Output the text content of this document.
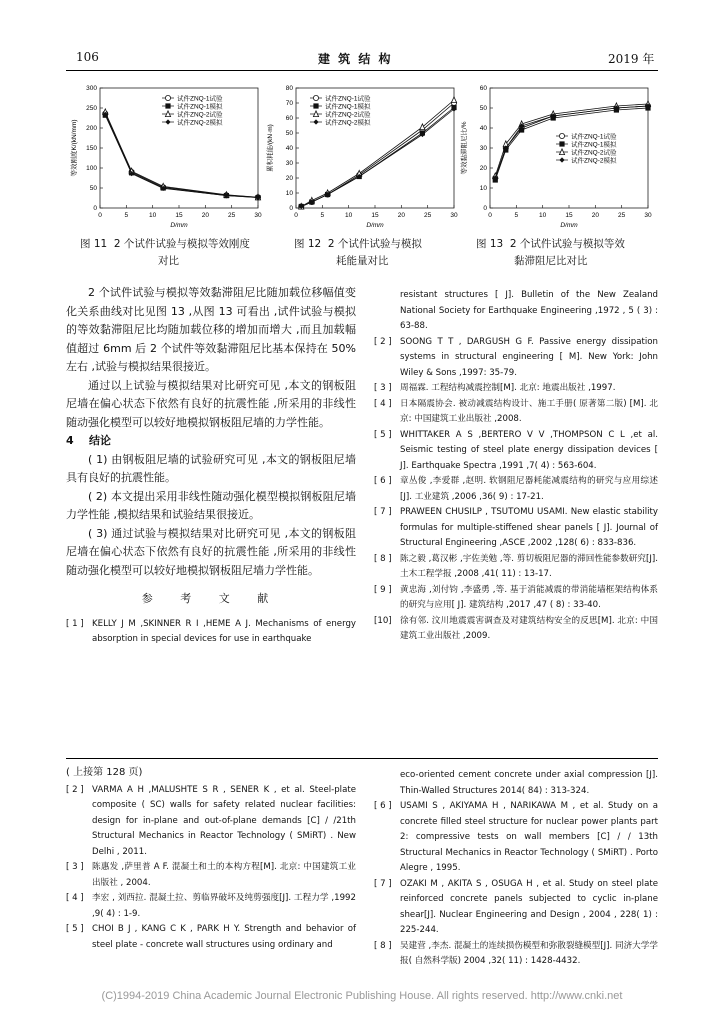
106	建 筑 结 构	2019 年
0	5	10	15	20	25	30
0
50
100
150
200
250
300
D/mm
等效刚度K/(kN/mm)
试件ZNQ-1试验
试件ZNQ-1模拟
试件ZNQ-2试验
试件ZNQ-2模拟
0	5	10	15	20	25	30
0
10
20
30
40
50
60
70
80
D/mm
累积耗能/(kN·m)
试件ZNQ-1试验
试件ZNQ-1模拟
试件ZNQ-2试验
试件ZNQ-2模拟
0	5	10	15	20	25	30
0
10
20
30
40
50
60
D/mm
等效黏滞阻尼比/%	试件ZNQ-1试验
试件ZNQ-1模拟
试件ZNQ-2试验
试件ZNQ-2模拟
图 11 2 个试件试验与模拟等效刚度
对比
图 12 2 个试件试验与模拟
耗能量对比
图 13 2 个试件试验与模拟等效
黏滞阻尼比对比

2 个试件试验与模拟等效黏滞阻尼比随加载位移幅值变化关系曲线对比见图 13 ,从图 13 可看出 ,试件试验与模拟的等效黏滞阻尼比均随加载位移的增加而增大 ,而且加载幅值超过 6mm 后 2 个试件等效黏滞阻尼比基本保持在 50% 左右 ,试验与模拟结果很接近。

通过以上试验与模拟结果对比研究可见 ,本文的钢板阻尼墙在偏心状态下依然有良好的抗震性能 ,所采用的非线性随动强化模型可以较好地模拟钢板阻尼墙的力学性能。

4 结论

( 1) 由钢板阻尼墙的试验研究可见 ,本文的钢板阻尼墙具有良好的抗震性能。

( 2) 本文提出采用非线性随动强化模型模拟钢板阻尼墙力学性能 ,模拟结果和试验结果很接近。

( 3) 通过试验与模拟结果对比研究可见 ,本文的钢板阻尼墙在偏心状态下依然有良好的抗震性能 ,所采用的非线性随动强化模型可以较好地模拟钢板阻尼墙力学性能。

参 考 文 献
[ 1 ] KELLY J M ,SKINNER R I ,HEME A J. Mechanisms of energy absorption in special devices for use in earthquake
resistant structures [ J]. Bulletin of the New Zealand National Society for Earthquake Engineering ,1972 , 5 ( 3) : 63-88.
[ 2 ] SOONG T T , DARGUSH G F. Passive energy dissipation systems in structural engineering [ M]. New York: John Wiley & Sons ,1997: 35-79.
[ 3 ] 周福霖. 工程结构减震控制[M]. 北京: 地震出版社 ,1997.
[ 4 ] 日本隔震协会. 被动减震结构设计、施工手册( 原著第二版) [M]. 北京: 中国建筑工业出版社 ,2008.
[ 5 ] WHITTAKER A S ,BERTERO V V ,THOMPSON C L ,et al. Seismic testing of steel plate energy dissipation devices [ J]. Earthquake Spectra ,1991 ,7( 4) : 563-604.
[ 6 ] 章丛俊 ,李爱群 ,赵明. 软钢阻尼器耗能减震结构的研究与应用综述[J]. 工业建筑 ,2006 ,36( 9) : 17-21.
[ 7 ] PRAWEEN CHUSILP , TSUTOMU USAMI. New elastic stability formulas for multiple-stiffened shear panels [ J]. Journal of Structural Engineering ,ASCE ,2002 ,128( 6) : 833-836.
[ 8 ] 陈之毅 ,葛汉彬 ,宇佐美勉 ,等. 剪切板阻尼器的滞回性能参数研究[J]. 土木工程学报 ,2008 ,41( 11) : 13-17.
[ 9 ] 黄忠海 ,刘付钧 ,李盛勇 ,等. 基于消能减震的带消能墙框架结构体系的研究与应用[ J]. 建筑结构 ,2017 ,47 ( 8) : 33-40.
[10] 徐有邻. 汶川地震震害调查及对建筑结构安全的反思[M]. 北京: 中国建筑工业出版社 ,2009.
( 上接第 128 页)
[ 2 ] VARMA A H ,MALUSHTE S R , SENER K , et al. Steel-plate composite ( SC) walls for safety related nuclear facilities: design for in-plane and out-of-plane demands [C] / /21th Structural Mechanics in Reactor Technology ( SMiRT) . New Delhi , 2011.
[ 3 ] 陈惠发 ,萨里普 A F. 混凝土和土的本构方程[M]. 北京: 中国建筑工业出版社 , 2004.
[ 4 ] 李宏 , 刘西拉. 混凝土拉、剪临界破坏及纯剪强度[J]. 工程力学 ,1992 ,9( 4) : 1-9.
[ 5 ] CHOI B J , KANG C K , PARK H Y. Strength and behavior of steel plate - concrete wall structures using ordinary and
eco-oriented cement concrete under axial compression [J]. Thin-Walled Structures 2014( 84) : 313-324.
[ 6 ] USAMI S , AKIYAMA H , NARIKAWA M , et al. Study on a concrete filled steel structure for nuclear power plants part 2: compressive tests on wall members [C] / / 13th Structural Mechanics in Reactor Technology ( SMiRT) . Porto Alegre , 1995.
[ 7 ] OZAKI M , AKITA S , OSUGA H , et al. Study on steel plate reinforced concrete panels subjected to cyclic in-plane shear[J]. Nuclear Engineering and Design , 2004 , 228( 1) : 225-244.
[ 8 ] 吴建营 ,李杰. 混凝土的连续损伤模型和弥散裂缝模型[J]. 同济大学学报( 自然科学版) 2004 ,32( 11) : 1428-4432.
(C)1994-2019 China Academic Journal Electronic Publishing House. All rights reserved. http://www.cnki.net
